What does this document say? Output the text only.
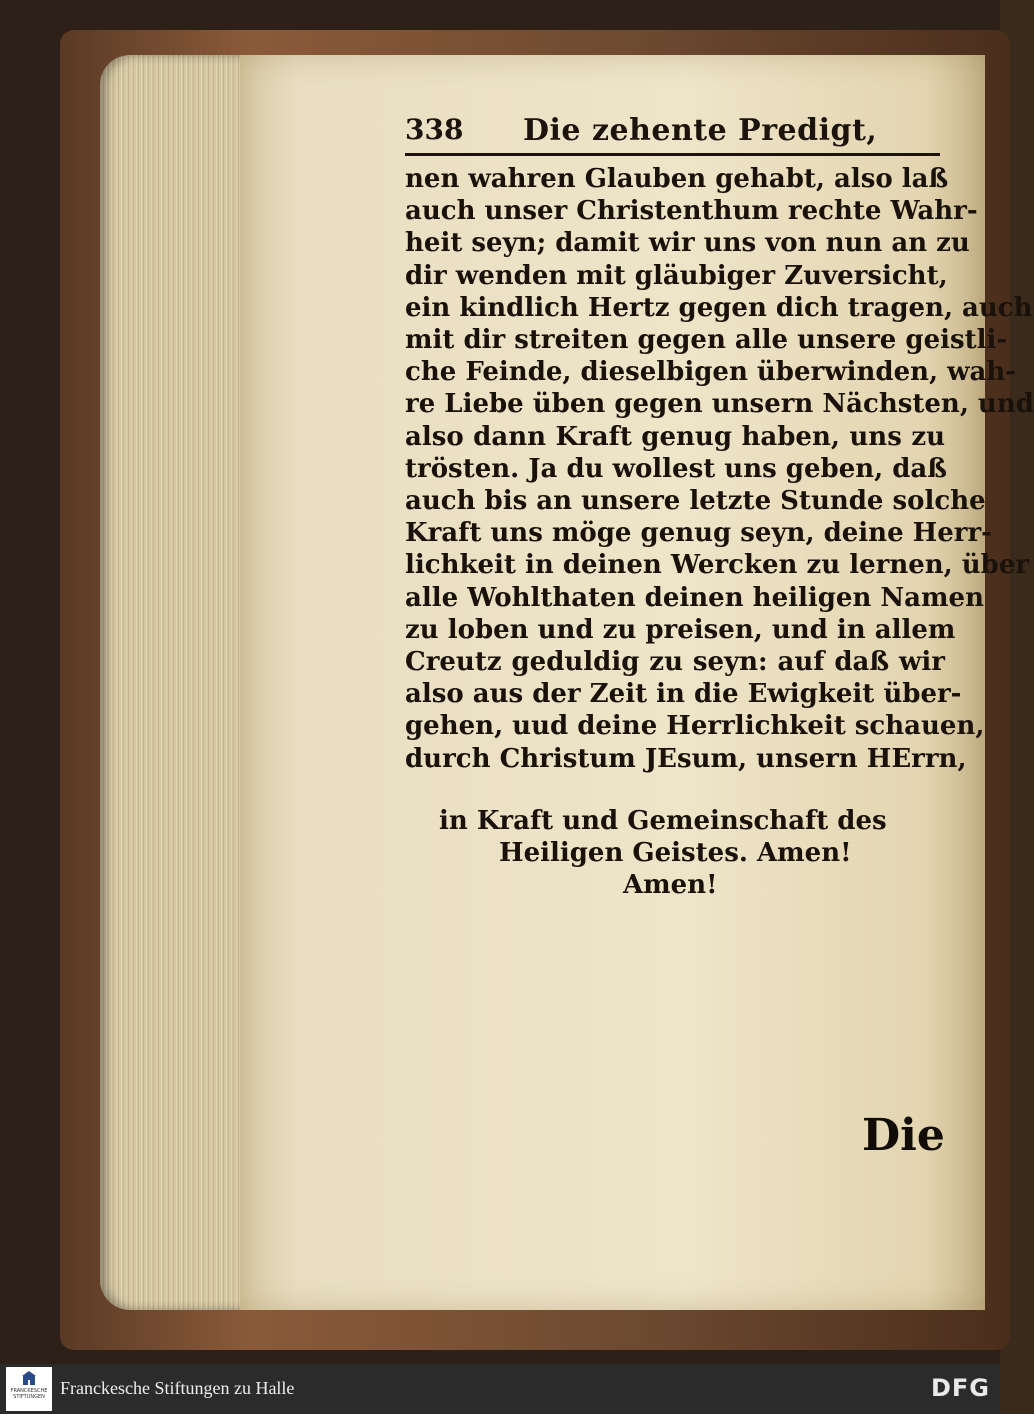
338 Die zehente Predigt,
nen wahren Glauben gehabt, also laß
auch unser Christenthum rechte Wahr-
heit seyn; damit wir uns von nun an zu
dir wenden mit gläubiger Zuversicht,
ein kindlich Hertz gegen dich tragen, auch
mit dir streiten gegen alle unsere geistli-
che Feinde, dieselbigen überwinden, wah-
re Liebe üben gegen unsern Nächsten, und
also dann Kraft genug haben, uns zu
trösten. Ja du wollest uns geben, daß
auch bis an unsere letzte Stunde solche
Kraft uns möge genug seyn, deine Herr-
lichkeit in deinen Wercken zu lernen, über
alle Wohlthaten deinen heiligen Namen
zu loben und zu preisen, und in allem
Creutz geduldig zu seyn: auf daß wir
also aus der Zeit in die Ewigkeit über-
gehen, uud deine Herrlichkeit schauen,
durch Christum JEsum, unsern HErrn,
in Kraft und Gemeinschaft des
Heiligen Geistes. Amen!
Amen!
Die
FRANCKESCHE STIFTUNGEN Franckesche Stiftungen zu Halle	DFG
